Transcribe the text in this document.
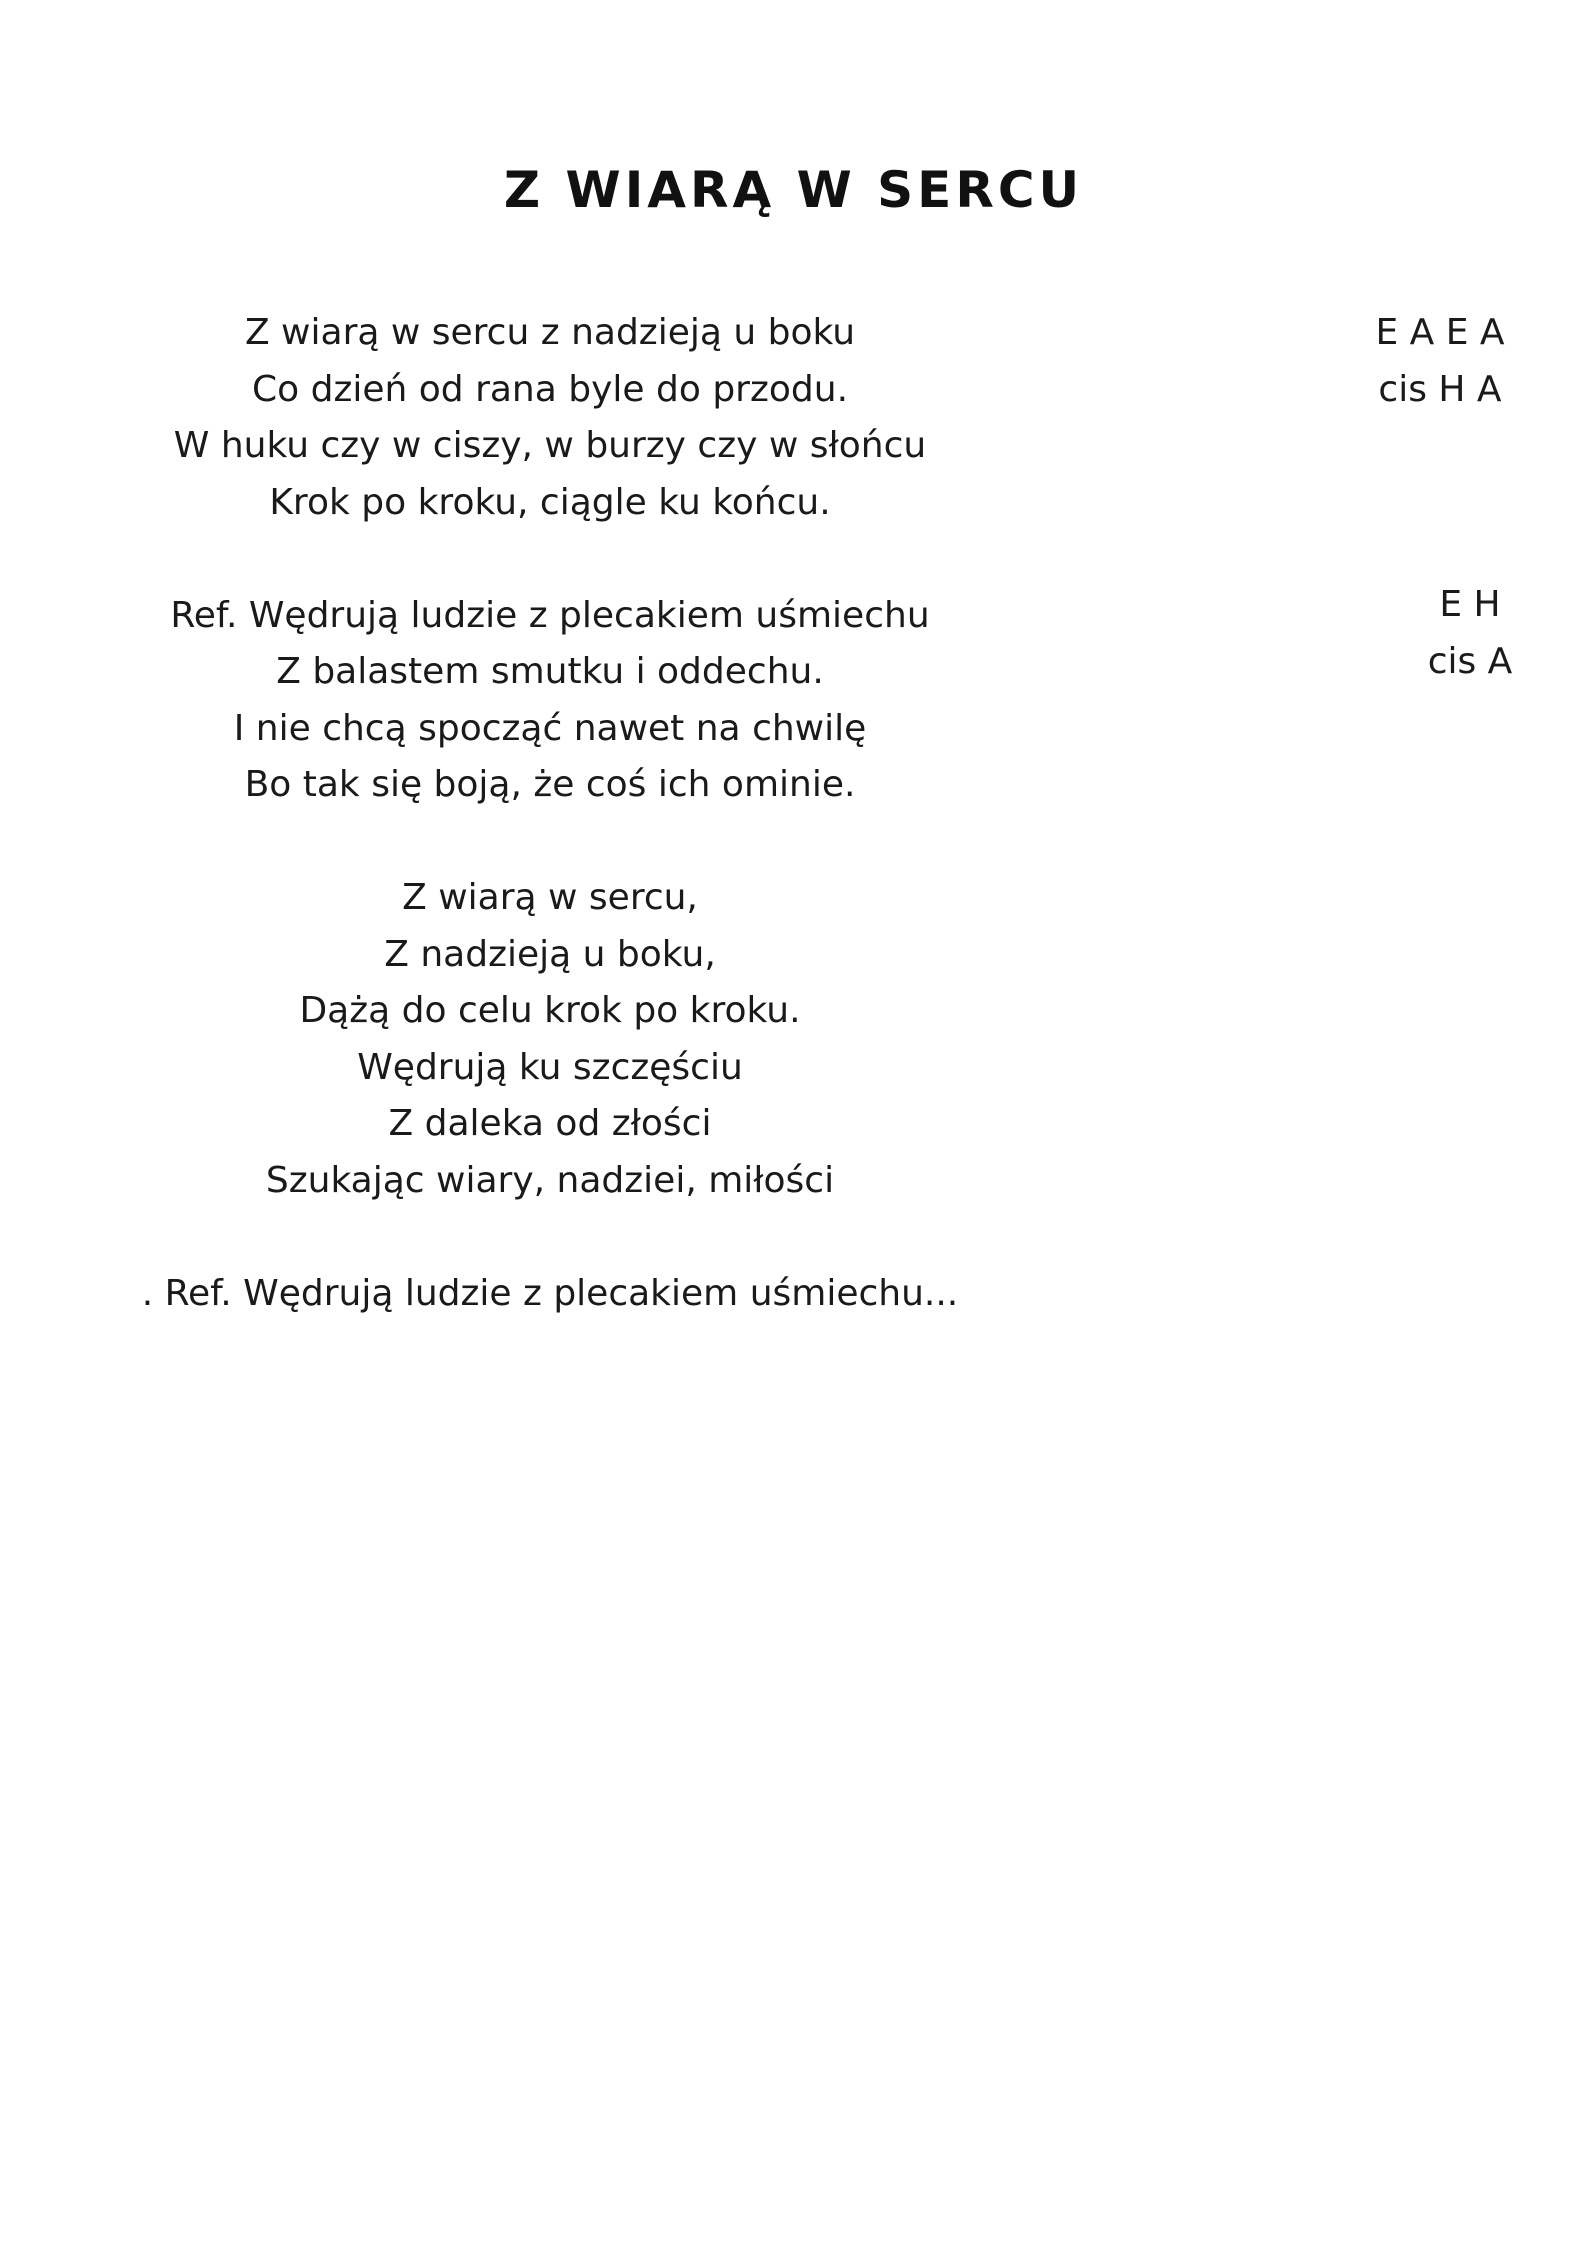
Z WIARĄ W SERCU
Z wiarą w sercu z nadzieją u boku
Co dzień od rana byle do przodu.
W huku czy w ciszy, w burzy czy w słońcu
Krok po kroku, ciągle ku końcu.
Ref. Wędrują ludzie z plecakiem uśmiechu
Z balastem smutku i oddechu.
I nie chcą spocząć nawet na chwilę
Bo tak się boją, że coś ich ominie.
Z wiarą w sercu,
Z nadzieją u boku,
Dążą do celu krok po kroku.
Wędrują ku szczęściu
Z daleka od złości
Szukając wiary, nadziei, miłości
. Ref. Wędrują ludzie z plecakiem uśmiechu...
E A E A
cis H A
E H
cis A
